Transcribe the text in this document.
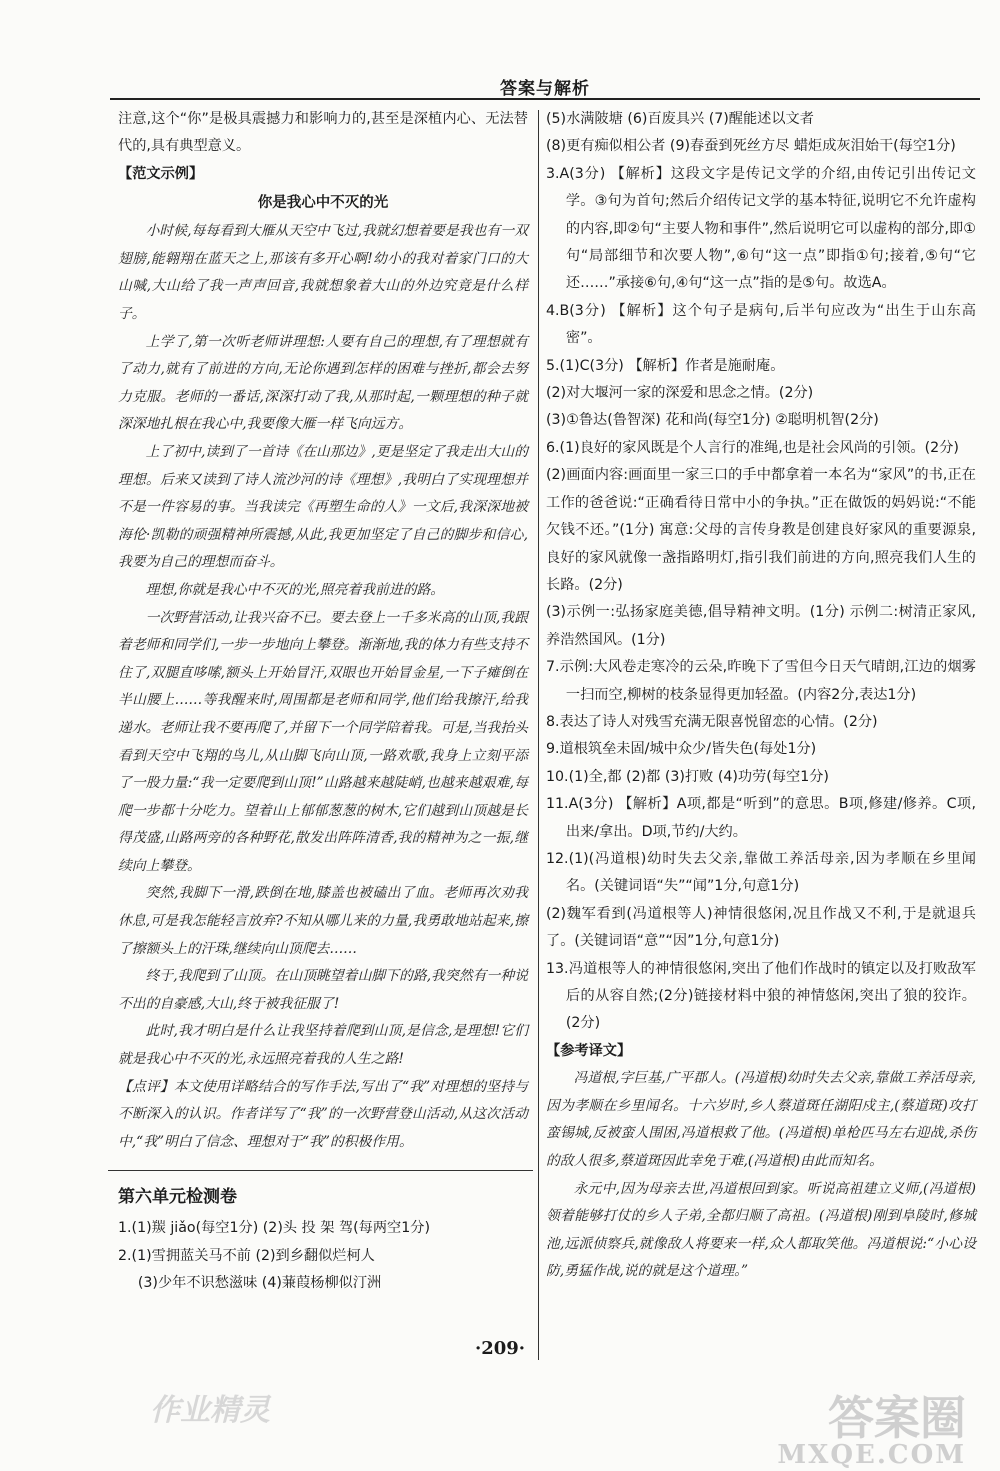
答案与解析

注意,这个“你”是极具震撼力和影响力的,甚至是深植内心、无法替代的,具有典型意义。

【范文示例】

你是我心中不灭的光

小时候,每每看到大雁从天空中飞过,我就幻想着要是我也有一双翅膀,能翱翔在蓝天之上,那该有多开心啊!幼小的我对着家门口的大山喊,大山给了我一声声回音,我就想象着大山的外边究竟是什么样子。

上学了,第一次听老师讲理想:人要有自己的理想,有了理想就有了动力,就有了前进的方向,无论你遇到怎样的困难与挫折,都会去努力克服。老师的一番话,深深打动了我,从那时起,一颗理想的种子就深深地扎根在我心中,我要像大雁一样飞向远方。

上了初中,读到了一首诗《在山那边》,更是坚定了我走出大山的理想。后来又读到了诗人流沙河的诗《理想》,我明白了实现理想并不是一件容易的事。当我读完《再塑生命的人》一文后,我深深地被海伦·凯勒的顽强精神所震撼,从此,我更加坚定了自己的脚步和信心,我要为自己的理想而奋斗。

理想,你就是我心中不灭的光,照亮着我前进的路。

一次野营活动,让我兴奋不已。要去登上一千多米高的山顶,我跟着老师和同学们,一步一步地向上攀登。渐渐地,我的体力有些支持不住了,双腿直哆嗦,额头上开始冒汗,双眼也开始冒金星,一下子瘫倒在半山腰上……等我醒来时,周围都是老师和同学,他们给我擦汗,给我递水。老师让我不要再爬了,并留下一个同学陪着我。可是,当我抬头看到天空中飞翔的鸟儿,从山脚飞向山顶,一路欢歌,我身上立刻平添了一股力量:“我一定要爬到山顶!”山路越来越陡峭,也越来越艰难,每爬一步都十分吃力。望着山上郁郁葱葱的树木,它们越到山顶越是长得茂盛,山路两旁的各种野花,散发出阵阵清香,我的精神为之一振,继续向上攀登。

突然,我脚下一滑,跌倒在地,膝盖也被磕出了血。老师再次劝我休息,可是我怎能轻言放弃?不知从哪儿来的力量,我勇敢地站起来,擦了擦额头上的汗珠,继续向山顶爬去……

终于,我爬到了山顶。在山顶眺望着山脚下的路,我突然有一种说不出的自豪感,大山,终于被我征服了!

此时,我才明白是什么让我坚持着爬到山顶,是信念,是理想!它们就是我心中不灭的光,永远照亮着我的人生之路!

【点评】本文使用详略结合的写作手法,写出了“我”对理想的坚持与不断深入的认识。作者详写了“我”的一次野营登山活动,从这次活动中,“我”明白了信念、理想对于“我”的积极作用。

第六单元检测卷

1.(1)羰 jiǎo(每空1分) (2)头 投 架 驾(每两空1分)

2.(1)雪拥蓝关马不前 (2)到乡翻似烂柯人

(3)少年不识愁滋味 (4)蒹葭杨柳似汀洲

(5)水满陂塘 (6)百废具兴 (7)醒能述以文者

(8)更有痴似相公者 (9)春蚕到死丝方尽 蜡炬成灰泪始干(每空1分)

3.A(3分) 【解析】这段文字是传记文学的介绍,由传记引出传记文学。③句为首句;然后介绍传记文学的基本特征,说明它不允许虚构的内容,即②句“主要人物和事件”,然后说明它可以虚构的部分,即①句“局部细节和次要人物”,⑥句“这一点”即指①句;接着,⑤句“它还……”承接⑥句,④句“这一点”指的是⑤句。故选A。

4.B(3分) 【解析】这个句子是病句,后半句应改为“出生于山东高密”。

5.(1)C(3分) 【解析】作者是施耐庵。

(2)对大堰河一家的深爱和思念之情。(2分)

(3)①鲁达(鲁智深) 花和尚(每空1分) ②聪明机智(2分)

6.(1)良好的家风既是个人言行的准绳,也是社会风尚的引领。(2分)

(2)画面内容:画面里一家三口的手中都拿着一本名为“家风”的书,正在工作的爸爸说:“正确看待日常中小的争执。”正在做饭的妈妈说:“不能欠钱不还。”(1分) 寓意:父母的言传身教是创建良好家风的重要源泉,良好的家风就像一盏指路明灯,指引我们前进的方向,照亮我们人生的长路。(2分)

(3)示例一:弘扬家庭美德,倡导精神文明。(1分) 示例二:树清正家风,养浩然国风。(1分)

7.示例:大风卷走寒冷的云朵,昨晚下了雪但今日天气晴朗,江边的烟雾一扫而空,柳树的枝条显得更加轻盈。(内容2分,表达1分)

8.表达了诗人对残雪充满无限喜悦留恋的心情。(2分)

9.道根筑垒未固/城中众少/皆失色(每处1分)

10.(1)全,都 (2)都 (3)打败 (4)功劳(每空1分)

11.A(3分) 【解析】A项,都是“听到”的意思。B项,修建/修养。C项,出来/拿出。D项,节约/大约。

12.(1)(冯道根)幼时失去父亲,靠做工养活母亲,因为孝顺在乡里闻名。(关键词语“失”“闻”1分,句意1分)

(2)魏军看到(冯道根等人)神情很悠闲,况且作战又不利,于是就退兵了。(关键词语“意”“因”1分,句意1分)

13.冯道根等人的神情很悠闲,突出了他们作战时的镇定以及打败敌军后的从容自然;(2分)链接材料中狼的神情悠闲,突出了狼的狡诈。(2分)

【参考译文】

冯道根,字巨基,广平郡人。(冯道根)幼时失去父亲,靠做工养活母亲,因为孝顺在乡里闻名。十六岁时,乡人蔡道斑任湖阳戍主,(蔡道斑)攻打蛮锡城,反被蛮人围困,冯道根救了他。(冯道根)单枪匹马左右迎战,杀伤的敌人很多,蔡道斑因此幸免于难,(冯道根)由此而知名。

永元中,因为母亲去世,冯道根回到家。听说高祖建立义师,(冯道根)领着能够打仗的乡人子弟,全都归顺了高祖。(冯道根)刚到阜陵时,修城池,远派侦察兵,就像敌人将要来一样,众人都取笑他。冯道根说:“小心设防,勇猛作战,说的就是这个道理。”

·209·
作业精灵	答案圈
MXQE.COM
